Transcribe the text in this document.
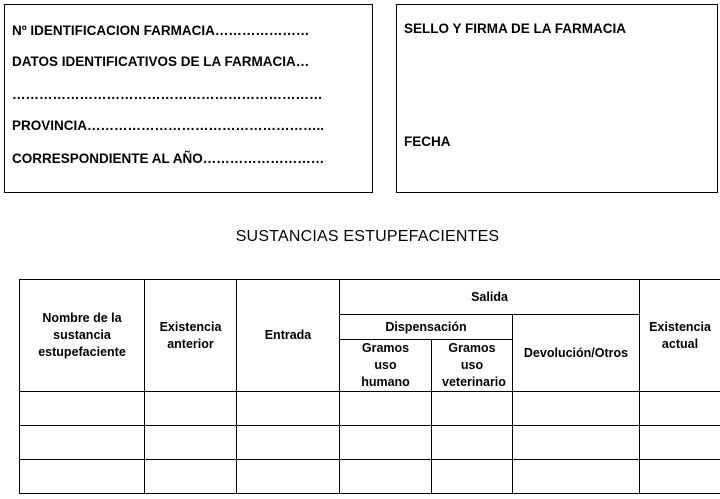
Nº IDENTIFICACION FARMACIA…………………
DATOS IDENTIFICATIVOS DE LA FARMACIA…
……………………………………………………………
PROVINCIA……………………………………………..
CORRESPONDIENTE AL AÑO………………………
SELLO Y FIRMA DE LA FARMACIA
FECHA
SUSTANCIAS ESTUPEFACIENTES
Nombre de la sustancia estupefaciente	Existencia anterior	Entrada	Salida			Existencia actual
			Dispensación		Devolución/Otros	
			Gramos uso humano	Gramos uso veterinario		
